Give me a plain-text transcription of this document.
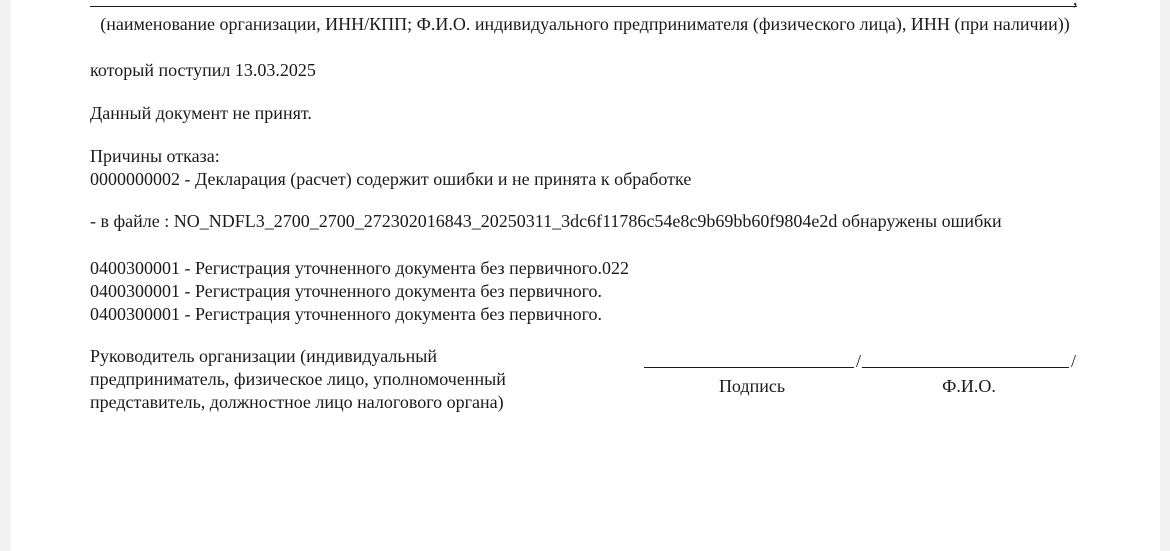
(наименование организации, ИНН/КПП; Ф.И.О. индивидуального предпринимателя (физического лица), ИНН (при наличии))
который поступил 13.03.2025
Данный документ не принят.
Причины отказа:
0000000002 - Декларация (расчет) содержит ошибки и не принята к обработке
- в файле : NO_NDFL3_2700_2700_272302016843_20250311_3dc6f11786c54e8c9b69bb60f9804e2d обнаружены ошибки
0400300001 - Регистрация уточненного документа без первичного.022
0400300001 - Регистрация уточненного документа без первичного.
0400300001 - Регистрация уточненного документа без первичного.
Руководитель организации (индивидуальный предприниматель, физическое лицо, уполномоченный представитель, должностное лицо налогового органа)
/	/
Подпись	Ф.И.О.
